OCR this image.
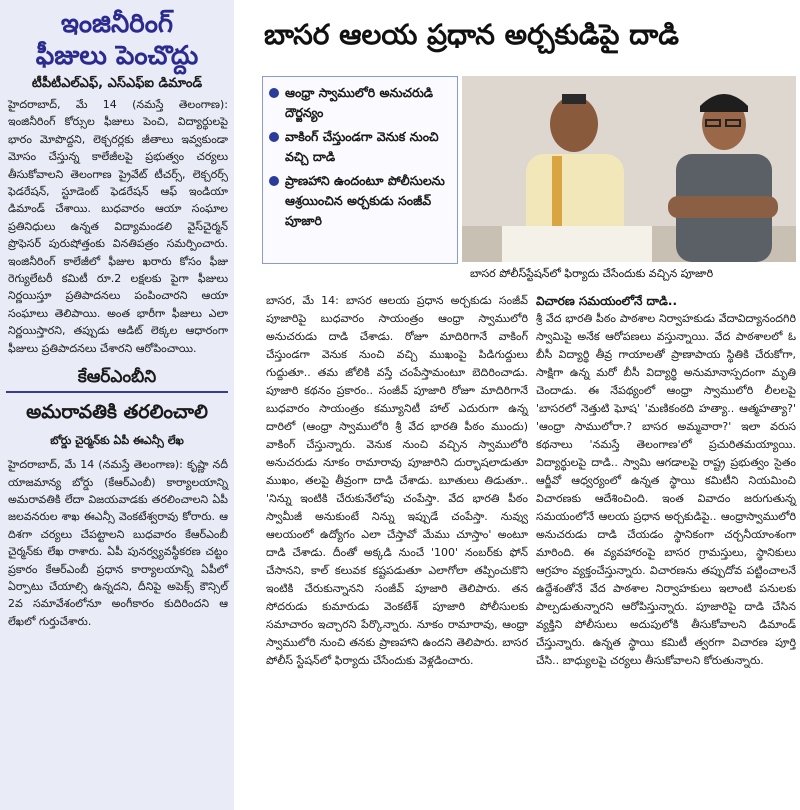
ఇంజినీరింగ్
ఫీజులు పెంచొద్దు
టీపీటీఎల్ఎఫ్, ఎస్ఎఫ్ఐ డిమాండ్
హైదరాబాద్, మే 14 (నమస్తే తెలంగాణ): ఇంజినీరింగ్ కోర్సుల ఫీజులు పెంచి, విద్యార్థులపై భారం మోపొద్దని, లెక్చరర్లకు జీతాలు ఇవ్వకుండా మోసం చేస్తున్న కాలేజీలపై ప్రభుత్వం చర్యలు తీసుకోవాలని తెలంగాణ ప్రైవేట్ టీచర్స్, లెక్చరర్స్ ఫెడరేషన్, స్టూడెంట్ ఫెడరేషన్ ఆఫ్ ఇండియా డిమాండ్ చేశాయి. బుధవారం ఆయా సంఘాల ప్రతినిధులు ఉన్నత విద్యామండలి వైస్‌చైర్మన్ ప్రొఫెసర్ పురుషోత్తంకు వినతిపత్రం సమర్పించారు. ఇంజినీరింగ్ కాలేజీలో ఫీజుల ఖరారు కోసం ఫీజు రెగ్యులేటరీ కమిటీ రూ.2 లక్షలకు పైగా ఫీజులు నిర్ణయిస్తూ ప్రతిపాదనలు పంపించారని ఆయా సంఘాలు తెలిపాయి. అంత భారీగా ఫీజులు ఎలా నిర్ణయిస్తారని, తప్పుడు ఆడిట్ లెక్కల ఆధారంగా ఫీజులు ప్రతిపాదనలు చేశారని ఆరోపించాయి.
కేఆర్ఎంబీని
అమరావతికి తరలించాలి
బోర్డు చైర్మన్‌కు ఏపీ ఈఎన్సీ లేఖ
హైదరాబాద్, మే 14 (నమస్తే తెలంగాణ): కృష్ణా నదీ యాజమాన్య బోర్డు (కేఆర్ఎంబీ) కార్యాలయాన్ని అమరావతికి లేదా విజయవాడకు తరలించాలని ఏపీ జలవనరుల శాఖ ఈఎన్సీ వెంకటేశ్వరావు కోరారు. ఆ దిశగా చర్యలు చేపట్టాలని బుధవారం కేఆర్ఎంబీ చైర్మన్‌కు లేఖ రాశారు. ఏపీ పునర్వ్యవస్థీకరణ చట్టం ప్రకారం కేఆర్ఎంబీ ప్రధాన కార్యాలయాన్ని ఏపీలో ఏర్పాటు చేయాల్సి ఉన్నదని, దీనిపై అపెక్స్ కౌన్సిల్ 2వ సమావేశంలోనూ అంగీకారం కుదిరిందని ఆ లేఖలో గుర్తుచేశారు.
బాసర ఆలయ ప్రధాన అర్చకుడిపై దాడి
ఆంధ్రా స్వాములోరి అనుచరుడి దౌర్జన్యం
వాకింగ్ చేస్తుండగా వెనుక నుంచి వచ్చి దాడి
ప్రాణహాని ఉందంటూ పోలీసులను ఆశ్రయించిన అర్చకుడు సంజీవ్ పూజారి
బాసర పోలీస్‌స్టేషన్‌లో ఫిర్యాదు చేసేందుకు వచ్చిన పూజారి
బాసర, మే 14: బాసర ఆలయ ప్రధాన అర్చకుడు సంజీవ్ పూజారిపై బుధవారం సాయంత్రం ఆంధ్రా స్వాములోరి అనుచరుడు దాడి చేశాడు. రోజూ మాదిరిగానే వాకింగ్ చేస్తుండగా వెనుక నుంచి వచ్చి ముఖంపై పిడిగుద్దులు గుద్దుతూ.. తమ జోలికి వస్తే చంపేస్తామంటూ బెదిరించాడు. పూజారి కథనం ప్రకారం.. సంజీవ్ పూజారి రోజూ మాదిరిగానే బుధవారం సాయంత్రం కమ్యూనిటీ హాల్ ఎదురుగా ఉన్న దారిలో (ఆంధ్రా స్వాములోరి శ్రీ వేద భారతి పీఠం ముందు) వాకింగ్ చేస్తున్నారు. వెనుక నుంచి వచ్చిన స్వాములోరి అనుచరుడు నూకం రామారావు పూజారిని దుర్భాషలాడుతూ ముఖం, తలపై తీవ్రంగా దాడి చేశాడు. బూతులు తిడుతూ.. 'నిన్ను ఇంటికి చేరుకునేలోపు చంపేస్తా. వేద భారతి పీఠం స్వామీజీ అనుకుంటే నిన్ను ఇప్పుడే చంపేస్తా. నువ్వు ఆలయంలో ఉద్యోగం ఎలా చేస్తావో మేము చూస్తాం' అంటూ దాడి చేశాడు. దీంతో అక్కడి నుంచే '100' నంబర్‌కు ఫోన్ చేసానని, కాల్ కలువక కష్టపడుతూ ఎలాగోలా తప్పించుకొని ఇంటికి చేరుకున్నానని సంజీవ్ పూజారి తెలిపారు. తన సోదరుడు కుమారుడు వెంకటేశ్ పూజారి పోలీసులకు సమాచారం ఇచ్చారని పేర్కొన్నారు. నూకం రామారావు, ఆంధ్రా స్వాములోరి నుంచి తనకు ప్రాణహాని ఉందని తెలిపారు. బాసర పోలీస్ స్టేషన్‌లో ఫిర్యాదు చేసేందుకు వెళ్లడించారు.
విచారణ సమయంలోనే దాడి..
శ్రీ వేద భారతి పీఠం పాఠశాల నిర్వాహకుడు వేదావిద్యానందగిరి స్వామిపై అనేక ఆరోపణలు వస్తున్నాయి. వేద పాఠశాలలో ఓ బీసీ విద్యార్థి తీవ్ర గాయాలతో ప్రాణాపాయ స్థితికి చేరుకోగా, సాక్షిగా ఉన్న మరో బీసీ విద్యార్థి అనుమానాస్పదంగా మృతి చెందాడు. ఈ నేపథ్యంలో ఆంధ్రా స్వాములోరి లీలలపై 'బాసరలో నెత్తుటి ఘోష' 'మణికంఠది హత్యా.. ఆత్మహత్యా?' 'ఆంధ్రా సాములోరా.? బాసర అమ్మవారా?' ఇలా వరుస కథనాలు 'నమస్తే తెలంగాణ'లో ప్రచురితమయ్యాయి. విద్యార్థులపై దాడి.. స్వామి ఆగడాలపై రాష్ట్ర ప్రభుత్వం సైతం ఆర్జీవో ఆధ్వర్యంలో ఉన్నత స్థాయి కమిటీని నియమించి విచారణకు ఆదేశించింది. ఇంత వివాదం జరుగుతున్న సమయంలోనే ఆలయ ప్రధాన అర్చకుడిపై.. ఆంధ్రాస్వాములోరి అనుచరుడు దాడి చేయడం స్థానికంగా చర్చనీయాంశంగా మారింది. ఈ వ్యవహారంపై బాసర గ్రామస్తులు, స్థానికులు ఆగ్రహం వ్యక్తంచేస్తున్నారు. విచారణను తప్పుదోవ పట్టించాలనే ఉద్దేశంతోనే వేద పాఠశాల నిర్వాహకులు ఇలాంటి పనులకు పాల్పడుతున్నారని ఆరోపిస్తున్నారు. పూజారిపై దాడి చేసిన వ్యక్తిని పోలీసులు అదుపులోకి తీసుకోవాలని డిమాండ్ చేస్తున్నారు. ఉన్నత స్థాయి కమిటీ త్వరగా విచారణ పూర్తి చేసి.. బాధ్యులపై చర్యలు తీసుకోవాలని కోరుతున్నారు.
